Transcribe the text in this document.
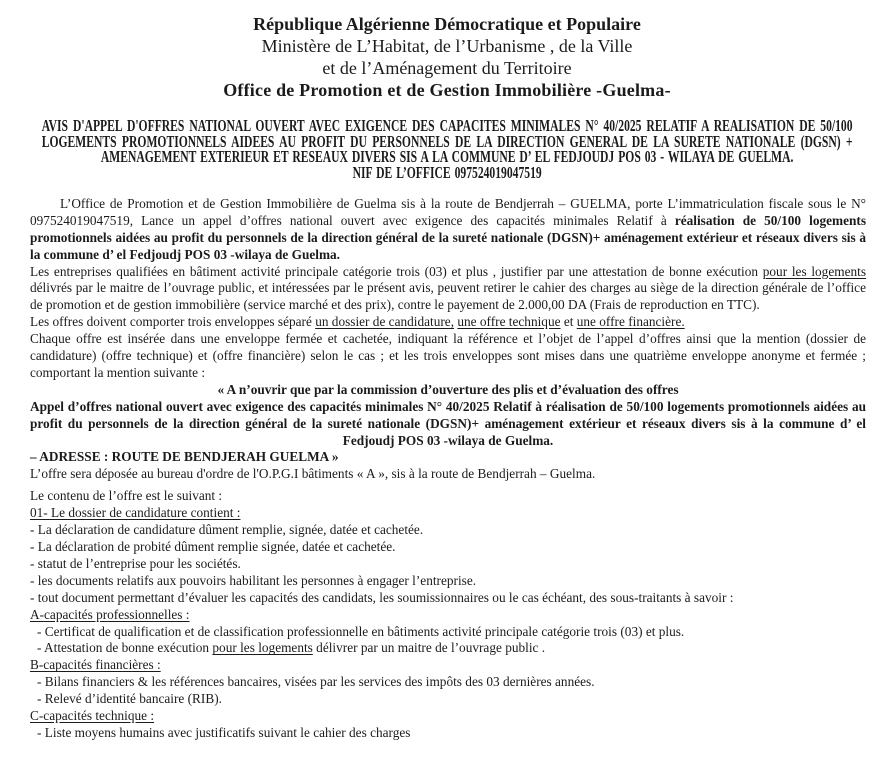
République Algérienne Démocratique et Populaire
Ministère de L’Habitat, de l’Urbanisme , de la Ville
et de l’Aménagement du Territoire
Office de Promotion et de Gestion Immobilière -Guelma-
AVIS D'APPEL D'OFFRES NATIONAL OUVERT AVEC EXIGENCE DES CAPACITES MINIMALES N° 40/2025 RELATIF A REALISATION DE 50/100 LOGEMENTS PROMOTIONNELS AIDEES AU PROFIT DU PERSONNELS DE LA DIRECTION GENERAL DE LA SURETE NATIONALE (DGSN) + AMENAGEMENT EXTERIEUR ET RESEAUX DIVERS SIS A LA COMMUNE D’ EL FEDJOUDJ POS 03 - WILAYA DE GUELMA.
NIF DE L’OFFICE 097524019047519

L’Office de Promotion et de Gestion Immobilière de Guelma sis à la route de Bendjerrah – GUELMA, porte L’immatriculation fiscale sous le N° 097524019047519, Lance un appel d’offres national ouvert avec exigence des capacités minimales Relatif à réalisation de 50/100 logements promotionnels aidées au profit du personnels de la direction général de la sureté nationale (DGSN)+ aménagement extérieur et réseaux divers sis à la commune d’ el Fedjoudj POS 03 -wilaya de Guelma.

Les entreprises qualifiées en bâtiment activité principale catégorie trois (03) et plus , justifier par une attestation de bonne exécution pour les logements délivrés par le maitre de l’ouvrage public, et intéressées par le présent avis, peuvent retirer le cahier des charges au siège de la direction générale de l’office de promotion et de gestion immobilière (service marché et des prix), contre le payement de 2.000,00 DA (Frais de reproduction en TTC).

Les offres doivent comporter trois enveloppes séparé un dossier de candidature, une offre technique et une offre financière.

Chaque offre est insérée dans une enveloppe fermée et cachetée, indiquant la référence et l’objet de l’appel d’offres ainsi que la mention (dossier de candidature) (offre technique) et (offre financière) selon le cas ; et les trois enveloppes sont mises dans une quatrième enveloppe anonyme et fermée ; comportant la mention suivante :

« A n’ouvrir que par la commission d’ouverture des plis et d’évaluation des offres

Appel d’offres national ouvert avec exigence des capacités minimales N° 40/2025 Relatif à réalisation de 50/100 logements promotionnels aidées au profit du personnels de la direction général de la sureté nationale (DGSN)+ aménagement extérieur et réseaux divers sis à la commune d’ el Fedjoudj POS 03 -wilaya de Guelma.

– ADRESSE : ROUTE DE BENDJERAH GUELMA »

L’offre sera déposée au bureau d'ordre de l'O.P.G.I bâtiments « A », sis à la route de Bendjerrah – Guelma.

Le contenu de l’offre est le suivant :

01- Le dossier de candidature contient :

- La déclaration de candidature dûment remplie, signée, datée et cachetée.

- La déclaration de probité dûment remplie signée, datée et cachetée.

- statut de l’entreprise pour les sociétés.

- les documents relatifs aux pouvoirs habilitant les personnes à engager l’entreprise.

- tout document permettant d’évaluer les capacités des candidats, les soumissionnaires ou le cas échéant, des sous-traitants à savoir :

A-capacités professionnelles :

- Certificat de qualification et de classification professionnelle en bâtiments activité principale catégorie trois (03) et plus.

- Attestation de bonne exécution pour les logements délivrer par un maitre de l’ouvrage public .

B-capacités financières :

- Bilans financiers & les références bancaires, visées par les services des impôts des 03 dernières années.

- Relevé d’identité bancaire (RIB).

C-capacités technique :

- Liste moyens humains avec justificatifs suivant le cahier des charges
